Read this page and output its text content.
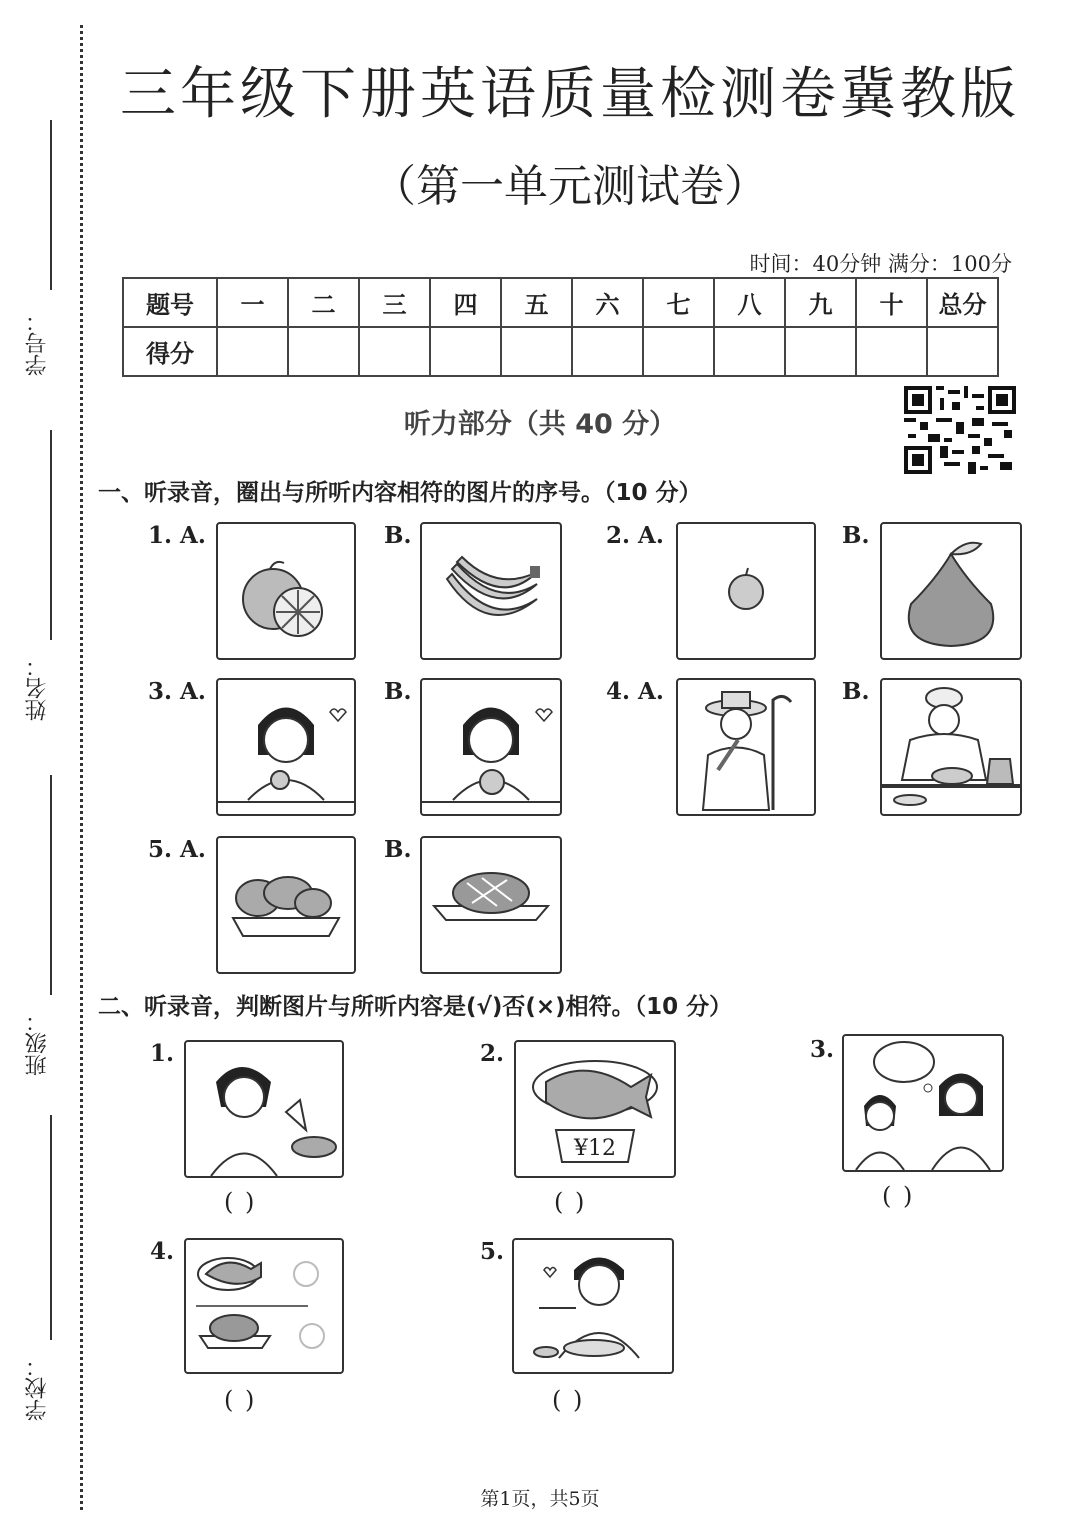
学号：
姓名：
班级：
学校：
三年级下册英语质量检测卷冀教版
（第一单元测试卷）
时间：40分钟 满分：100分
题号	一	二	三	四	五	六	七	八	九	十	总分
得分											
听力部分（共 40 分）
一、听录音，圈出与所听内容相符的图片的序号。（10 分）
1. A.	B.	2. A.	B.
3. A.	B.	4. A.	B.
5. A.	B.
二、听录音，判断图片与所听内容是(√)否(×)相符。（10 分）
1.
( )
2.
¥12
( )
3.
( )
4.
( )
5.
( )
第1页，共5页
